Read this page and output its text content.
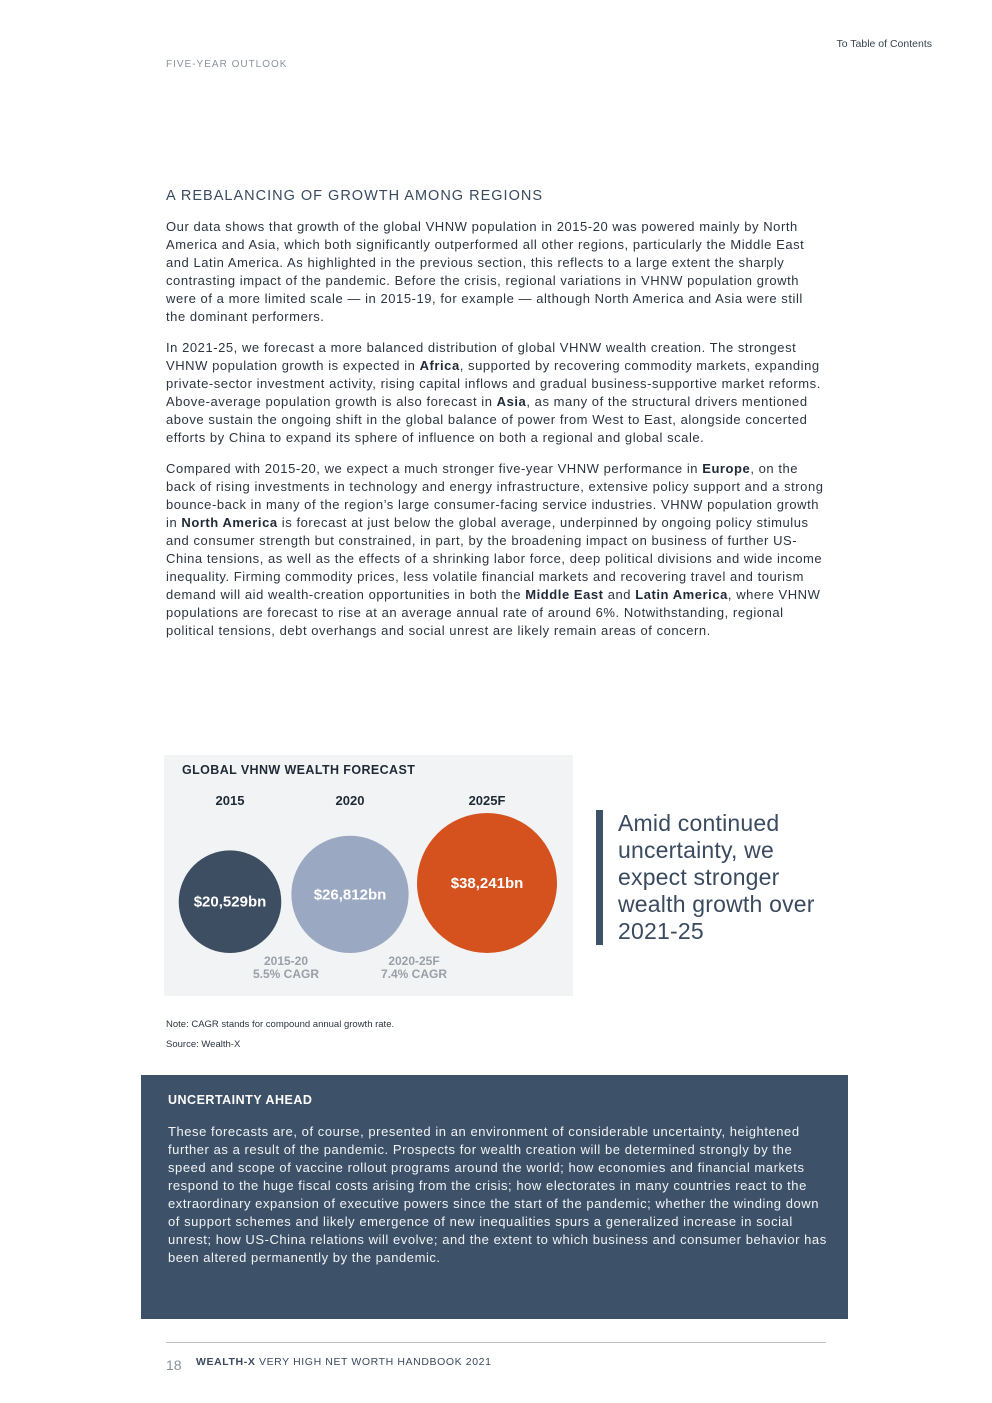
To Table of Contents
FIVE-YEAR OUTLOOK
A REBALANCING OF GROWTH AMONG REGIONS

Our data shows that growth of the global VHNW population in 2015-20 was powered mainly by North America and Asia, which both significantly outperformed all other regions, particularly the Middle East and Latin America. As highlighted in the previous section, this reflects to a large extent the sharply contrasting impact of the pandemic. Before the crisis, regional variations in VHNW population growth were of a more limited scale — in 2015-19, for example — although North America and Asia were still the dominant performers.

In 2021-25, we forecast a more balanced distribution of global VHNW wealth creation. The strongest VHNW population growth is expected in Africa, supported by recovering commodity markets, expanding private-sector investment activity, rising capital inflows and gradual business-supportive market reforms. Above-average population growth is also forecast in Asia, as many of the structural drivers mentioned above sustain the ongoing shift in the global balance of power from West to East, alongside concerted efforts by China to expand its sphere of influence on both a regional and global scale.

Compared with 2015-20, we expect a much stronger five-year VHNW performance in Europe, on the back of rising investments in technology and energy infrastructure, extensive policy support and a strong bounce-back in many of the region’s large consumer-facing service industries. VHNW population growth in North America is forecast at just below the global average, underpinned by ongoing policy stimulus and consumer strength but constrained, in part, by the broadening impact on business of further US-China tensions, as well as the effects of a shrinking labor force, deep political divisions and wide income inequality. Firming commodity prices, less volatile financial markets and recovering travel and tourism demand will aid wealth-creation opportunities in both the Middle East and Latin America, where VHNW populations are forecast to rise at an average annual rate of around 6%. Notwithstanding, regional political tensions, debt overhangs and social unrest are likely remain areas of concern.

GLOBAL VHNW WEALTH FORECAST
$20,529bn
2015
$26,812bn
2020
$38,241bn
2025F
2015-20
5.5% CAGR
2020-25F
7.4% CAGR

Amid continued uncertainty, we expect stronger wealth growth over 2021-25

Note: CAGR stands for compound annual growth rate.
Source: Wealth-X
UNCERTAINTY AHEAD

These forecasts are, of course, presented in an environment of considerable uncertainty, heightened further as a result of the pandemic. Prospects for wealth creation will be determined strongly by the speed and scope of vaccine rollout programs around the world; how economies and financial markets respond to the huge fiscal costs arising from the crisis; how electorates in many countries react to the extraordinary expansion of executive powers since the start of the pandemic; whether the winding down of support schemes and likely emergence of new inequalities spurs a generalized increase in social unrest; how US-China relations will evolve; and the extent to which business and consumer behavior has been altered permanently by the pandemic.

18 WEALTH-X VERY HIGH NET WORTH HANDBOOK 2021
